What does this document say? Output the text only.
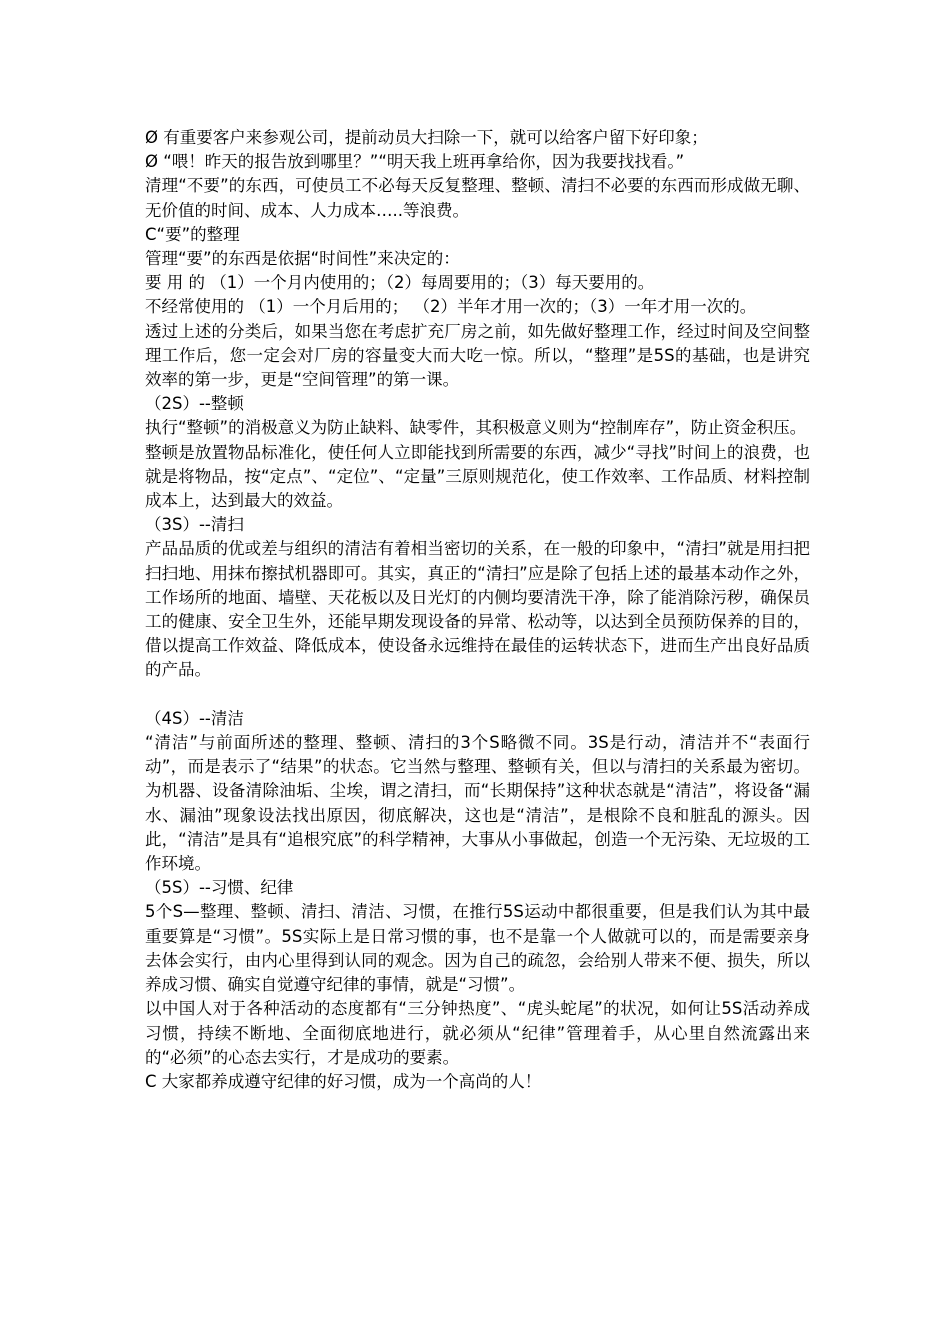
Ø 有重要客户来参观公司，提前动员大扫除一下，就可以给客户留下好印象；

Ø “喂！昨天的报告放到哪里？”“明天我上班再拿给你，因为我要找找看。”

清理“不要”的东西，可使员工不必每天反复整理、整顿、清扫不必要的东西而形成做无聊、无价值的时间、成本、人力成本…..等浪费。

C“要”的整理

管理“要”的东西是依据“时间性”来决定的：

要 用 的 （1）一个月内使用的；（2）每周要用的；（3）每天要用的。

不经常使用的 （1）一个月后用的； （2）半年才用一次的；（3）一年才用一次的。

透过上述的分类后，如果当您在考虑扩充厂房之前，如先做好整理工作，经过时间及空间整理工作后，您一定会对厂房的容量变大而大吃一惊。所以，“整理”是5S的基础，也是讲究效率的第一步，更是“空间管理”的第一课。

（2S）--整顿

执行“整顿”的消极意义为防止缺料、缺零件，其积极意义则为“控制库存”，防止资金积压。

整顿是放置物品标准化，使任何人立即能找到所需要的东西，减少“寻找”时间上的浪费，也就是将物品，按“定点”、“定位”、“定量”三原则规范化，使工作效率、工作品质、材料控制成本上，达到最大的效益。

（3S）--清扫

产品品质的优或差与组织的清洁有着相当密切的关系，在一般的印象中，“清扫”就是用扫把扫扫地、用抹布擦拭机器即可。其实，真正的“清扫”应是除了包括上述的最基本动作之外，工作场所的地面、墙壁、天花板以及日光灯的内侧均要清洗干净，除了能消除污秽，确保员工的健康、安全卫生外，还能早期发现设备的异常、松动等，以达到全员预防保养的目的，借以提高工作效益、降低成本，使设备永远维持在最佳的运转状态下，进而生产出良好品质的产品。

（4S）--清洁

“清洁”与前面所述的整理、整顿、清扫的3个S略微不同。3S是行动，清洁并不“表面行动”，而是表示了“结果”的状态。它当然与整理、整顿有关，但以与清扫的关系最为密切。为机器、设备清除油垢、尘埃，谓之清扫，而“长期保持”这种状态就是“清洁”，将设备“漏水、漏油”现象设法找出原因，彻底解决，这也是“清洁”，是根除不良和脏乱的源头。因此，“清洁”是具有“追根究底”的科学精神，大事从小事做起，创造一个无污染、无垃圾的工作环境。

（5S）--习惯、纪律

5个S—整理、整顿、清扫、清洁、习惯，在推行5S运动中都很重要，但是我们认为其中最重要算是“习惯”。5S实际上是日常习惯的事，也不是靠一个人做就可以的，而是需要亲身去体会实行，由内心里得到认同的观念。因为自己的疏忽，会给别人带来不便、损失，所以养成习惯、确实自觉遵守纪律的事情，就是“习惯”。

以中国人对于各种活动的态度都有“三分钟热度”、“虎头蛇尾”的状况，如何让5S活动养成习惯，持续不断地、全面彻底地进行，就必须从“纪律”管理着手，从心里自然流露出来的“必须”的心态去实行，才是成功的要素。

C 大家都养成遵守纪律的好习惯，成为一个高尚的人！
